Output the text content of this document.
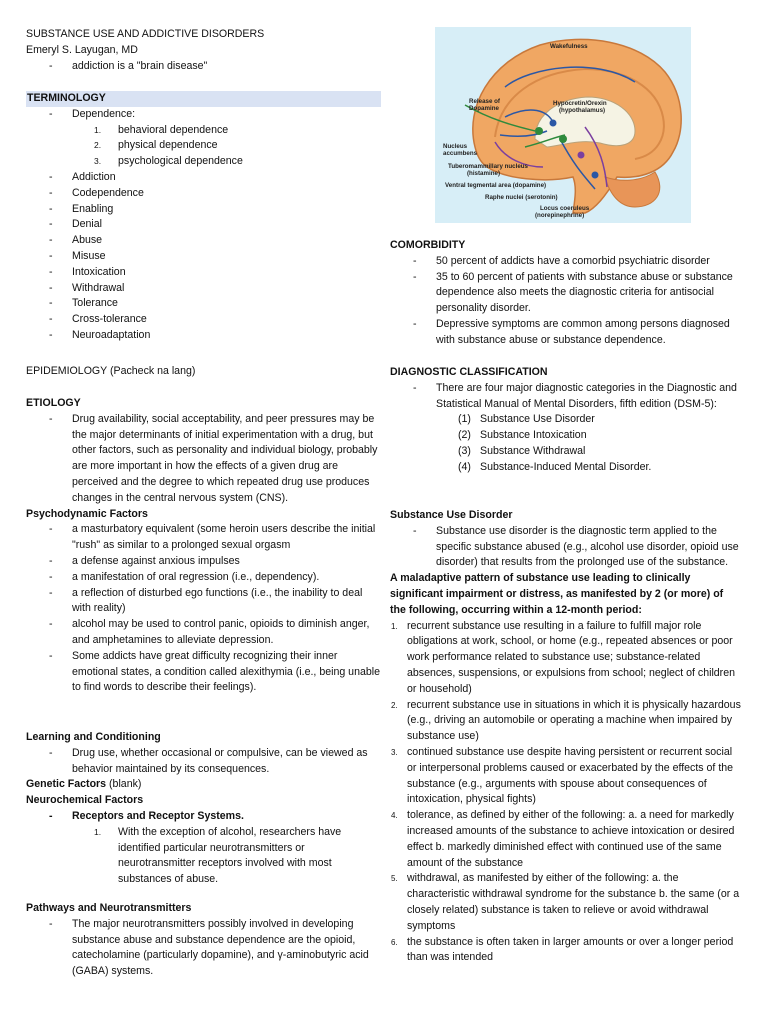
SUBSTANCE USE AND ADDICTIVE DISORDERS
Emeryl S. Layugan, MD
- addiction is a "brain disease"
TERMINOLOGY
- Dependence:
1. behavioral dependence
2. physical dependence
3. psychological dependence
- Addiction
- Codependence
- Enabling
- Denial
- Abuse
- Misuse
- Intoxication
- Withdrawal
- Tolerance
- Cross-tolerance
- Neuroadaptation
EPIDEMIOLOGY (Pacheck na lang)
ETIOLOGY
- Drug availability, social acceptability, and peer pressures may be the major determinants of initial experimentation with a drug, but other factors, such as personality and individual biology, probably are more important in how the effects of a given drug are perceived and the degree to which repeated drug use produces changes in the central nervous system (CNS).
Psychodynamic Factors
- a masturbatory equivalent (some heroin users describe the initial "rush" as similar to a prolonged sexual orgasm
- a defense against anxious impulses
- a manifestation of oral regression (i.e., dependency).
- a reflection of disturbed ego functions (i.e., the inability to deal with reality)
- alcohol may be used to control panic, opioids to diminish anger, and amphetamines to alleviate depression.
- Some addicts have great difficulty recognizing their inner emotional states, a condition called alexithymia (i.e., being unable to find words to describe their feelings).
Learning and Conditioning
- Drug use, whether occasional or compulsive, can be viewed as behavior maintained by its consequences.
Genetic Factors (blank)
Neurochemical Factors
- Receptors and Receptor Systems.
1. With the exception of alcohol, researchers have identified particular neurotransmitters or neurotransmitter receptors involved with most substances of abuse.
Pathways and Neurotransmitters
- The major neurotransmitters possibly involved in developing substance abuse and substance dependence are the opioid, catecholamine (particularly dopamine), and γ-aminobutyric acid (GABA) systems.
Wakefulness
Release of
Dopamine
Hypocretin/Orexin
(hypothalamus)
Nucleus
accumbens
Tuberomammillary nucleus
(histamine)
Ventral tegmental area (dopamine)
Raphe nuclei (serotonin)
Locus coeruleus
(norepinephrine)
COMORBIDITY
- 50 percent of addicts have a comorbid psychiatric disorder
- 35 to 60 percent of patients with substance abuse or substance dependence also meets the diagnostic criteria for antisocial personality disorder.
- Depressive symptoms are common among persons diagnosed with substance abuse or substance dependence.
DIAGNOSTIC CLASSIFICATION
- There are four major diagnostic categories in the Diagnostic and Statistical Manual of Mental Disorders, fifth edition (DSM-5):
(1) Substance Use Disorder
(2) Substance Intoxication
(3) Substance Withdrawal
(4) Substance-Induced Mental Disorder.
Substance Use Disorder
- Substance use disorder is the diagnostic term applied to the specific substance abused (e.g., alcohol use disorder, opioid use disorder) that results from the prolonged use of the substance.
A maladaptive pattern of substance use leading to clinically significant impairment or distress, as manifested by 2 (or more) of the following, occurring within a 12-month period:
1. recurrent substance use resulting in a failure to fulfill major role obligations at work, school, or home (e.g., repeated absences or poor work performance related to substance use; substance-related absences, suspensions, or expulsions from school; neglect of children or household)
2. recurrent substance use in situations in which it is physically hazardous (e.g., driving an automobile or operating a machine when impaired by substance use)
3. continued substance use despite having persistent or recurrent social or interpersonal problems caused or exacerbated by the effects of the substance (e.g., arguments with spouse about consequences of intoxication, physical fights)
4. tolerance, as defined by either of the following: a. a need for markedly increased amounts of the substance to achieve intoxication or desired effect b. markedly diminished effect with continued use of the same amount of the substance
5. withdrawal, as manifested by either of the following: a. the characteristic withdrawal syndrome for the substance b. the same (or a closely related) substance is taken to relieve or avoid withdrawal symptoms
6. the substance is often taken in larger amounts or over a longer period than was intended
